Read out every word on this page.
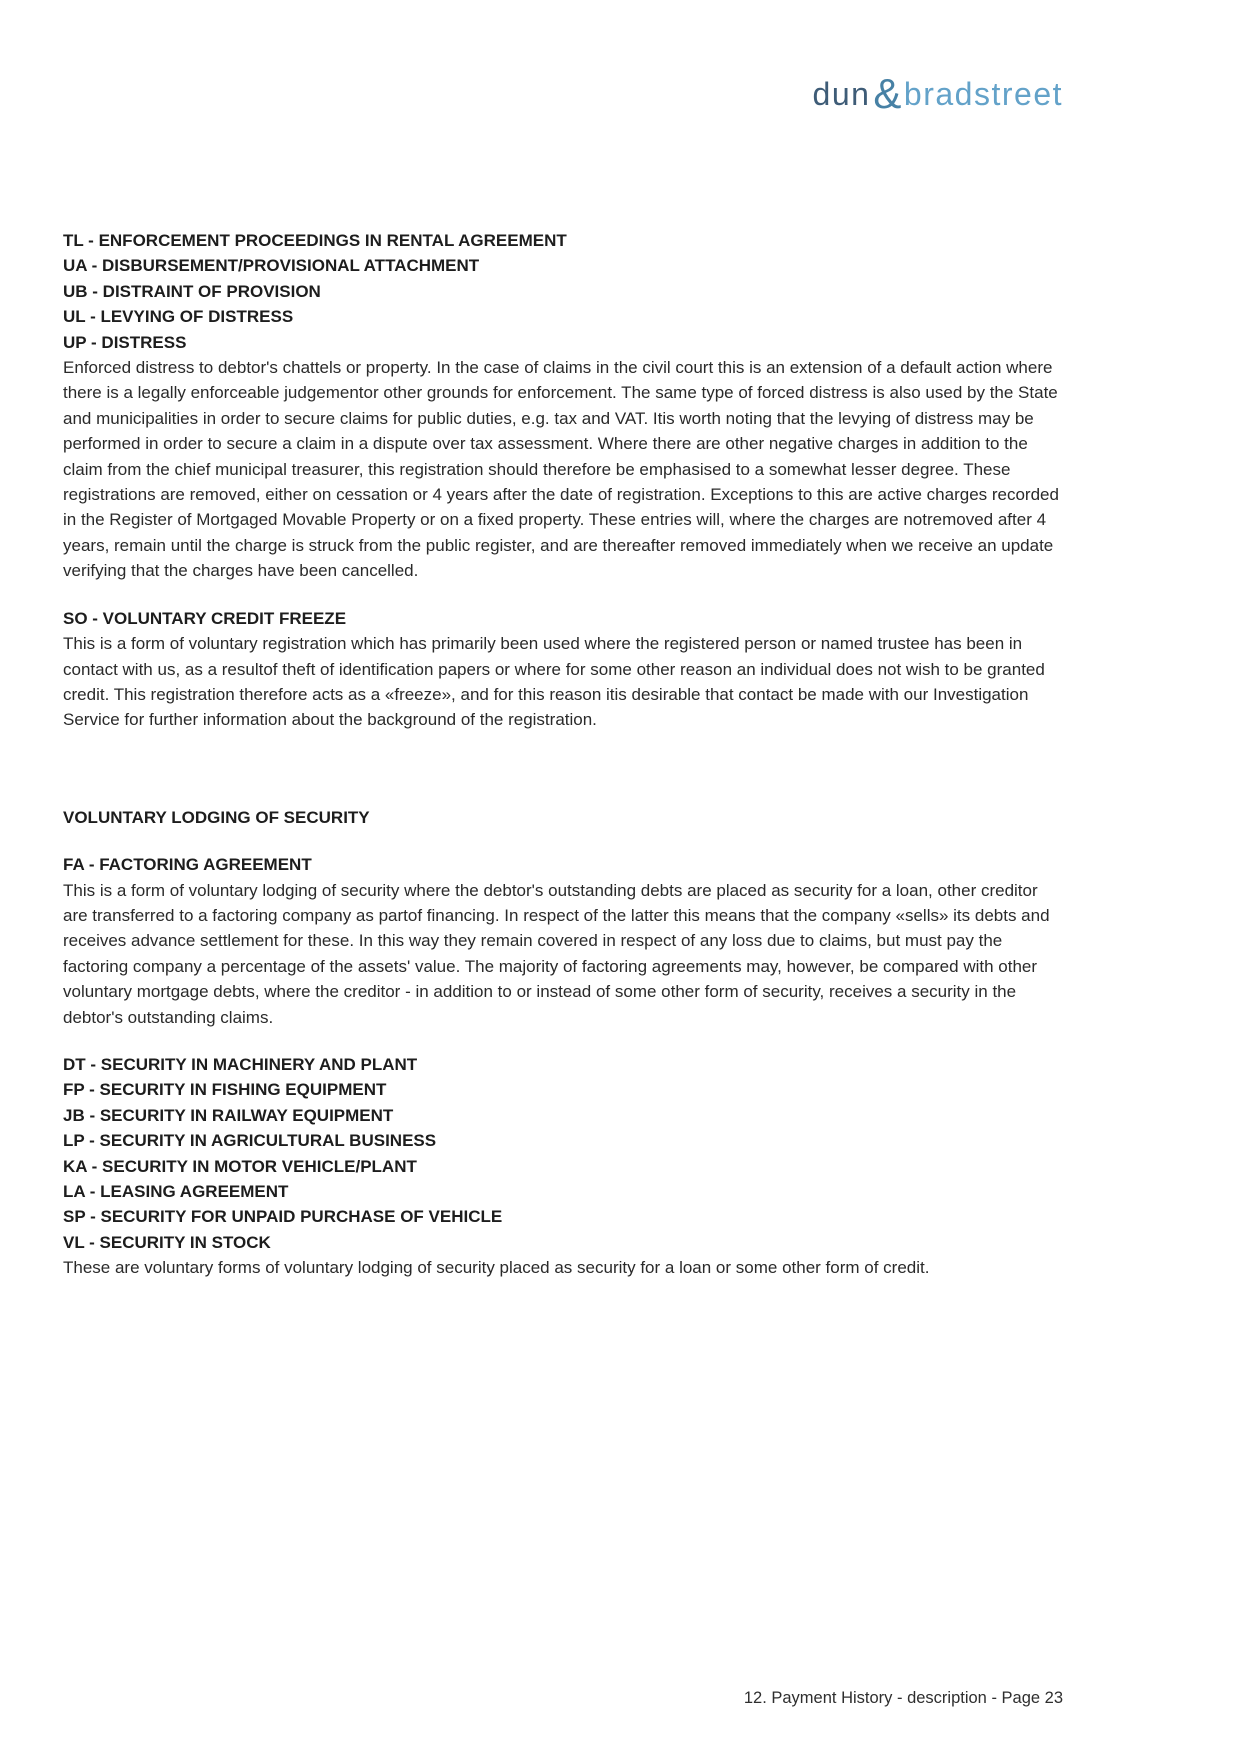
dun&bradstreet
TL - ENFORCEMENT PROCEEDINGS IN RENTAL AGREEMENT
UA - DISBURSEMENT/PROVISIONAL ATTACHMENT
UB - DISTRAINT OF PROVISION
UL - LEVYING OF DISTRESS
UP - DISTRESS

Enforced distress to debtor's chattels or property. In the case of claims in the civil court this is an extension of a default action where there is a legally enforceable judgementor other grounds for enforcement. The same type of forced distress is also used by the State and municipalities in order to secure claims for public duties, e.g. tax and VAT. Itis worth noting that the levying of distress may be performed in order to secure a claim in a dispute over tax assessment. Where there are other negative charges in addition to the claim from the chief municipal treasurer, this registration should therefore be emphasised to a somewhat lesser degree. These registrations are removed, either on cessation or 4 years after the date of registration. Exceptions to this are active charges recorded in the Register of Mortgaged Movable Property or on a fixed property. These entries will, where the charges are notremoved after 4 years, remain until the charge is struck from the public register, and are thereafter removed immediately when we receive an update verifying that the charges have been cancelled.

SO - VOLUNTARY CREDIT FREEZE

This is a form of voluntary registration which has primarily been used where the registered person or named trustee has been in contact with us, as a resultof theft of identification papers or where for some other reason an individual does not wish to be granted credit. This registration therefore acts as a «freeze», and for this reason itis desirable that contact be made with our Investigation Service for further information about the background of the registration.

VOLUNTARY LODGING OF SECURITY
FA - FACTORING AGREEMENT

This is a form of voluntary lodging of security where the debtor's outstanding debts are placed as security for a loan, other creditor are transferred to a factoring company as partof financing. In respect of the latter this means that the company «sells» its debts and receives advance settlement for these. In this way they remain covered in respect of any loss due to claims, but must pay the factoring company a percentage of the assets' value. The majority of factoring agreements may, however, be compared with other voluntary mortgage debts, where the creditor - in addition to or instead of some other form of security, receives a security in the debtor's outstanding claims.

DT - SECURITY IN MACHINERY AND PLANT
FP - SECURITY IN FISHING EQUIPMENT
JB - SECURITY IN RAILWAY EQUIPMENT
LP - SECURITY IN AGRICULTURAL BUSINESS
KA - SECURITY IN MOTOR VEHICLE/PLANT
LA - LEASING AGREEMENT
SP - SECURITY FOR UNPAID PURCHASE OF VEHICLE
VL - SECURITY IN STOCK

These are voluntary forms of voluntary lodging of security placed as security for a loan or some other form of credit.

12. Payment History - description - Page 23
